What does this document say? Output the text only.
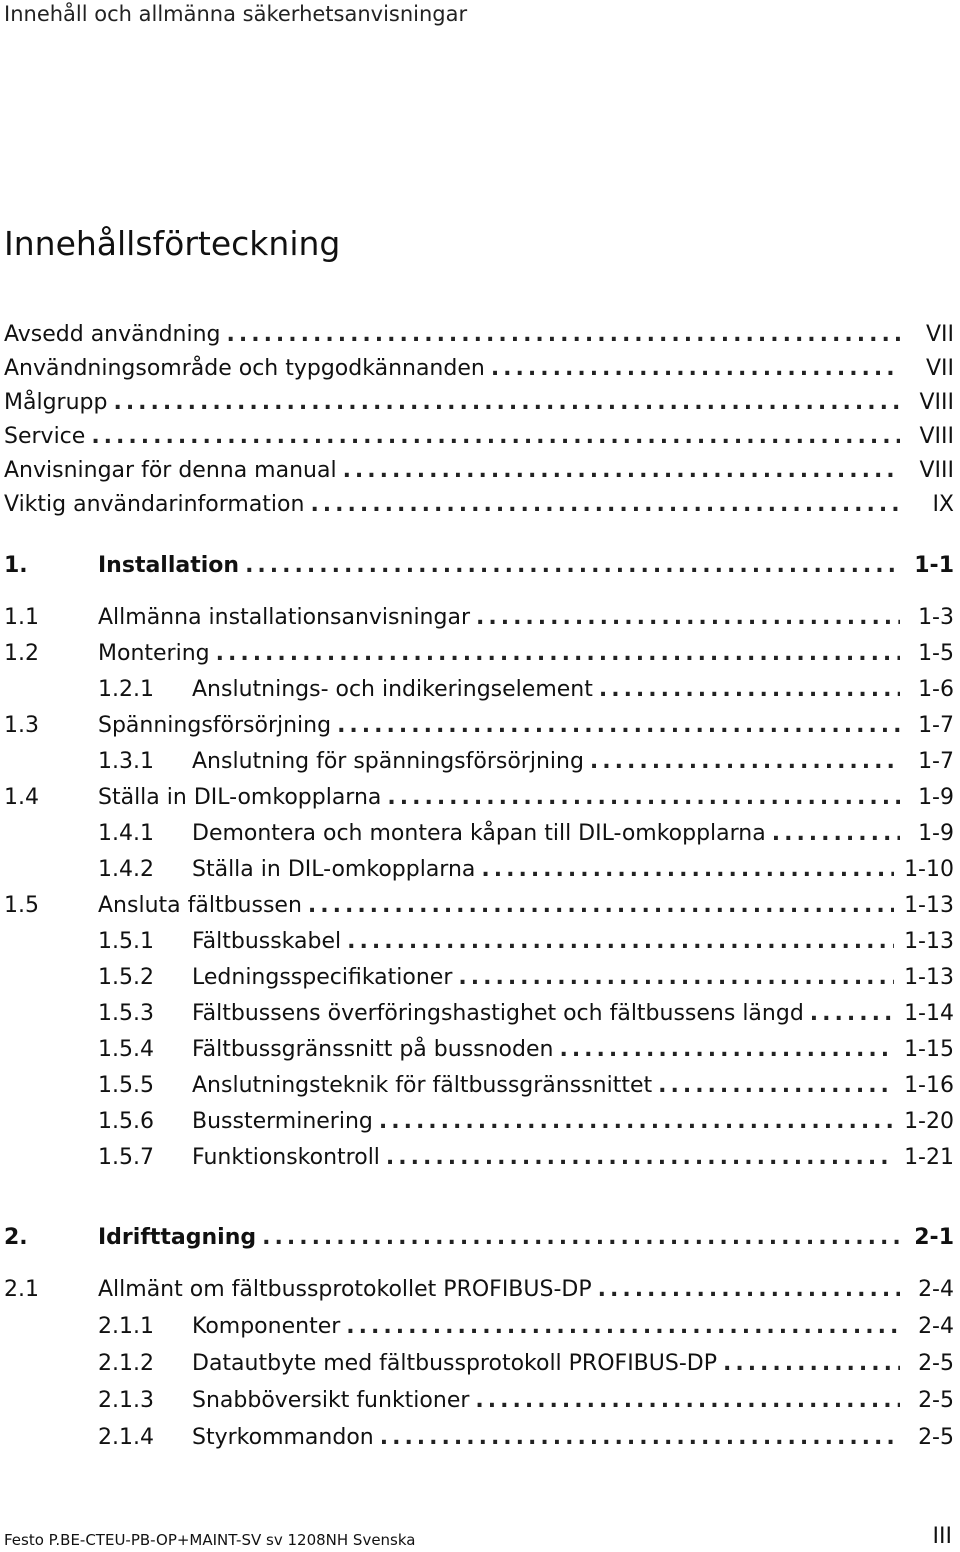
Innehåll och allmänna säkerhetsanvisningar
Innehållsförteckning
Avsedd användning .....	VII
Användningsområde och typgodkännanden .....	VII
Målgrupp .....	VIII
Service .....	VIII
Anvisningar för denna manual .....	VIII
Viktig användarinformation .....	IX
1.	Installation .....	1-1
1.1	Allmänna installationsanvisningar .....	1-3
1.2	Montering .....	1-5
1.2.1	Anslutnings- och indikeringselement .....	1-6
1.3	Spänningsförsörjning .....	1-7
1.3.1	Anslutning för spänningsförsörjning .....	1-7
1.4	Ställa in DIL-omkopplarna .....	1-9
1.4.1	Demontera och montera kåpan till DIL-omkopplarna .....	1-9
1.4.2	Ställa in DIL-omkopplarna .....	1-10
1.5	Ansluta fältbussen .....	1-13
1.5.1	Fältbusskabel .....	1-13
1.5.2	Ledningsspecifikationer .....	1-13
1.5.3	Fältbussens överföringshastighet och fältbussens längd .....	1-14
1.5.4	Fältbussgränssnitt på bussnoden .....	1-15
1.5.5	Anslutningsteknik för fältbussgränssnittet .....	1-16
1.5.6	Bussterminering .....	1-20
1.5.7	Funktionskontroll .....	1-21
2.	Idrifttagning .....	2-1
2.1	Allmänt om fältbussprotokollet PROFIBUS-DP .....	2-4
2.1.1	Komponenter .....	2-4
2.1.2	Datautbyte med fältbussprotokoll PROFIBUS-DP .....	2-5
2.1.3	Snabböversikt funktioner .....	2-5
2.1.4	Styrkommandon .....	2-5
Festo P.BE-CTEU-PB-OP+MAINT-SV sv 1208NH Svenska	III
